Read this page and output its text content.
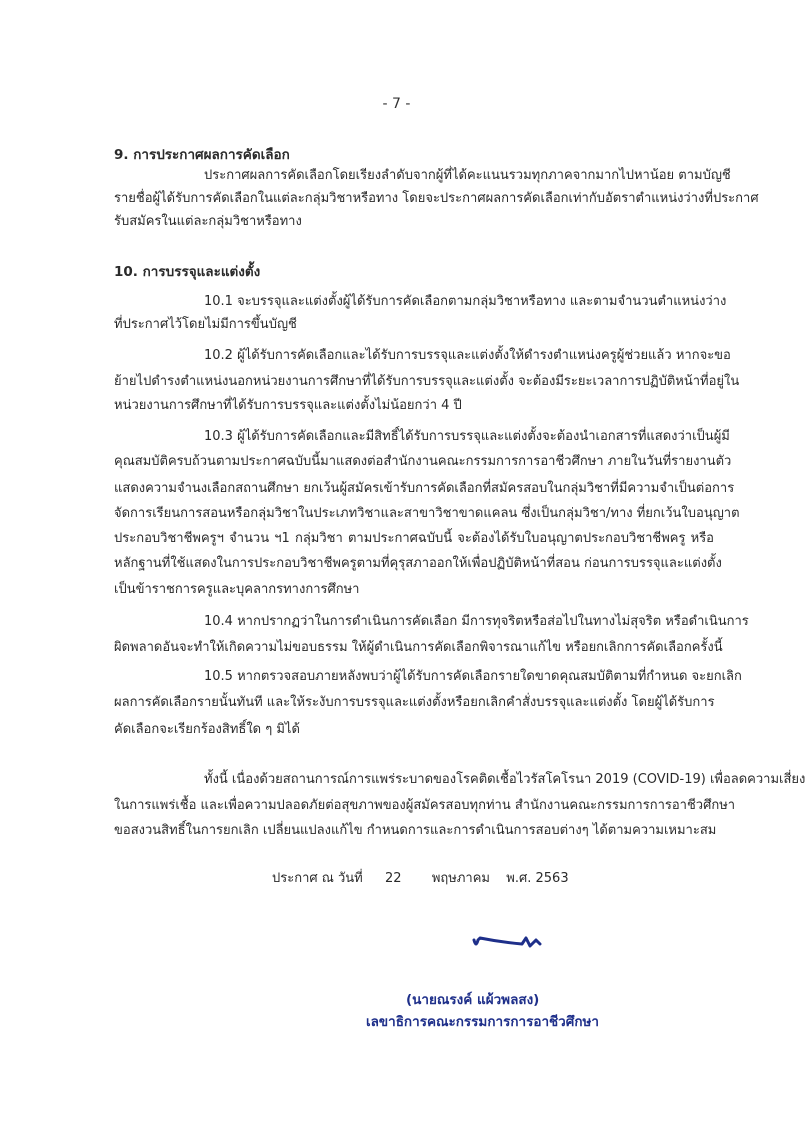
- 7 -
9. การประกาศผลการคัดเลือก
ประกาศผลการคัดเลือกโดยเรียงลำดับจากผู้ที่ได้คะแนนรวมทุกภาคจากมากไปหาน้อย ตามบัญชี
รายชื่อผู้ได้รับการคัดเลือกในแต่ละกลุ่มวิชาหรือทาง โดยจะประกาศผลการคัดเลือกเท่ากับอัตราตำแหน่งว่างที่ประกาศ
รับสมัครในแต่ละกลุ่มวิชาหรือทาง
10. การบรรจุและแต่งตั้ง
10.1 จะบรรจุและแต่งตั้งผู้ได้รับการคัดเลือกตามกลุ่มวิชาหรือทาง และตามจำนวนตำแหน่งว่าง
ที่ประกาศไว้โดยไม่มีการขึ้นบัญชี
10.2 ผู้ได้รับการคัดเลือกและได้รับการบรรจุและแต่งตั้งให้ดำรงตำแหน่งครูผู้ช่วยแล้ว หากจะขอ
ย้ายไปดำรงตำแหน่งนอกหน่วยงานการศึกษาที่ได้รับการบรรจุและแต่งตั้ง จะต้องมีระยะเวลาการปฏิบัติหน้าที่อยู่ใน
หน่วยงานการศึกษาที่ได้รับการบรรจุและแต่งตั้งไม่น้อยกว่า 4 ปี
10.3 ผู้ได้รับการคัดเลือกและมีสิทธิ์ได้รับการบรรจุและแต่งตั้งจะต้องนำเอกสารที่แสดงว่าเป็นผู้มี
คุณสมบัติครบถ้วนตามประกาศฉบับนี้มาแสดงต่อสำนักงานคณะกรรมการการอาชีวศึกษา ภายในวันที่รายงานตัว
แสดงความจำนงเลือกสถานศึกษา ยกเว้นผู้สมัครเข้ารับการคัดเลือกที่สมัครสอบในกลุ่มวิชาที่มีความจำเป็นต่อการ
จัดการเรียนการสอนหรือกลุ่มวิชาในประเภทวิชาและสาขาวิชาขาดแคลน ซึ่งเป็นกลุ่มวิชา/ทาง ที่ยกเว้นใบอนุญาต
ประกอบวิชาชีพครูฯ จำนวน ฯ1 กลุ่มวิชา ตามประกาศฉบับนี้ จะต้องได้รับใบอนุญาตประกอบวิชาชีพครู หรือ
หลักฐานที่ใช้แสดงในการประกอบวิชาชีพครูตามที่คุรุสภาออกให้เพื่อปฏิบัติหน้าที่สอน ก่อนการบรรจุและแต่งตั้ง
เป็นข้าราชการครูและบุคลากรทางการศึกษา
10.4 หากปรากฏว่าในการดำเนินการคัดเลือก มีการทุจริตหรือส่อไปในทางไม่สุจริต หรือดำเนินการ
ผิดพลาดอันจะทำให้เกิดความไม่ขอบธรรม ให้ผู้ดำเนินการคัดเลือกพิจารณาแก้ไข หรือยกเลิกการคัดเลือกครั้งนี้
10.5 หากตรวจสอบภายหลังพบว่าผู้ได้รับการคัดเลือกรายใดขาดคุณสมบัติตามที่กำหนด จะยกเลิก
ผลการคัดเลือกรายนั้นทันที และให้ระงับการบรรจุและแต่งตั้งหรือยกเลิกคำสั่งบรรจุและแต่งตั้ง โดยผู้ได้รับการ
คัดเลือกจะเรียกร้องสิทธิ์ใด ๆ มิได้
ทั้งนี้ เนื่องด้วยสถานการณ์การแพร่ระบาดของโรคติดเชื้อไวรัสโคโรนา 2019 (COVID-19) เพื่อลดความเสี่ยง
ในการแพร่เชื้อ และเพื่อความปลอดภัยต่อสุขภาพของผู้สมัครสอบทุกท่าน สำนักงานคณะกรรมการการอาชีวศึกษา
ขอสงวนสิทธิ์ในการยกเลิก เปลี่ยนแปลงแก้ไข กำหนดการและการดำเนินการสอบต่างๆ ได้ตามความเหมาะสม
ประกาศ ณ วันที่ 22 พฤษภาคม พ.ศ. 2563
(นายณรงค์ แผ้วพลสง)
เลขาธิการคณะกรรมการการอาชีวศึกษา
